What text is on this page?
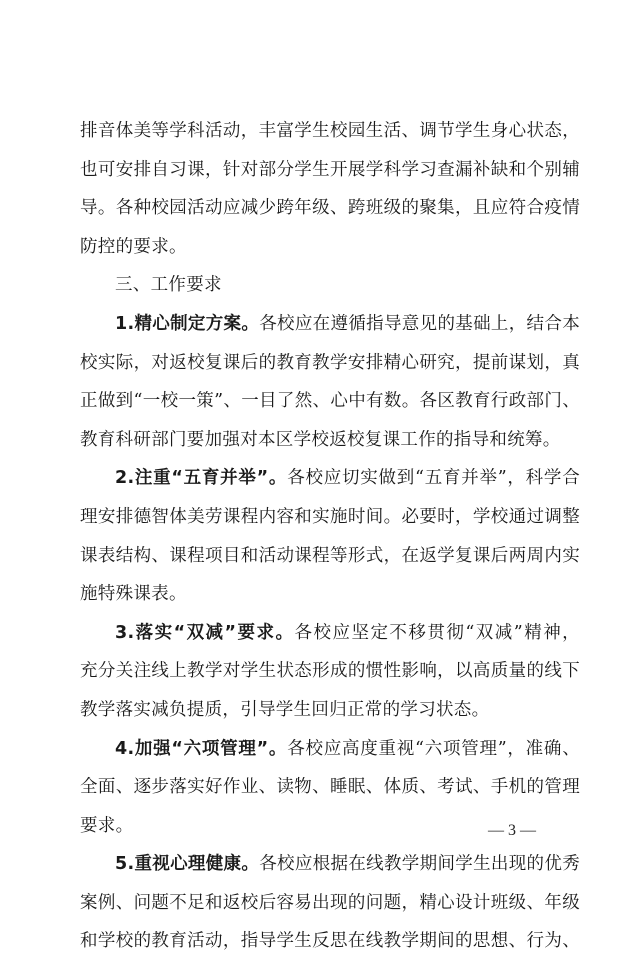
排音体美等学科活动，丰富学生校园生活、调节学生身心状态，
也可安排自习课，针对部分学生开展学科学习查漏补缺和个别辅
导。各种校园活动应减少跨年级、跨班级的聚集，且应符合疫情
防控的要求。
三、工作要求
1.精心制定方案。各校应在遵循指导意见的基础上，结合本
校实际，对返校复课后的教育教学安排精心研究，提前谋划，真
正做到“一校一策”、一目了然、心中有数。各区教育行政部门、
教育科研部门要加强对本区学校返校复课工作的指导和统筹。
2.注重“五育并举”。各校应切实做到“五育并举”，科学合
理安排德智体美劳课程内容和实施时间。必要时，学校通过调整
课表结构、课程项目和活动课程等形式，在返学复课后两周内实
施特殊课表。
3.落实“双减”要求。各校应坚定不移贯彻“双减”精神，
充分关注线上教学对学生状态形成的惯性影响，以高质量的线下
教学落实减负提质，引导学生回归正常的学习状态。
4.加强“六项管理”。各校应高度重视“六项管理”，准确、
全面、逐步落实好作业、读物、睡眠、体质、考试、手机的管理
要求。
5.重视心理健康。各校应根据在线教学期间学生出现的优秀
案例、问题不足和返校后容易出现的问题，精心设计班级、年级
和学校的教育活动，指导学生反思在线教学期间的思想、行为、
— 3 —
